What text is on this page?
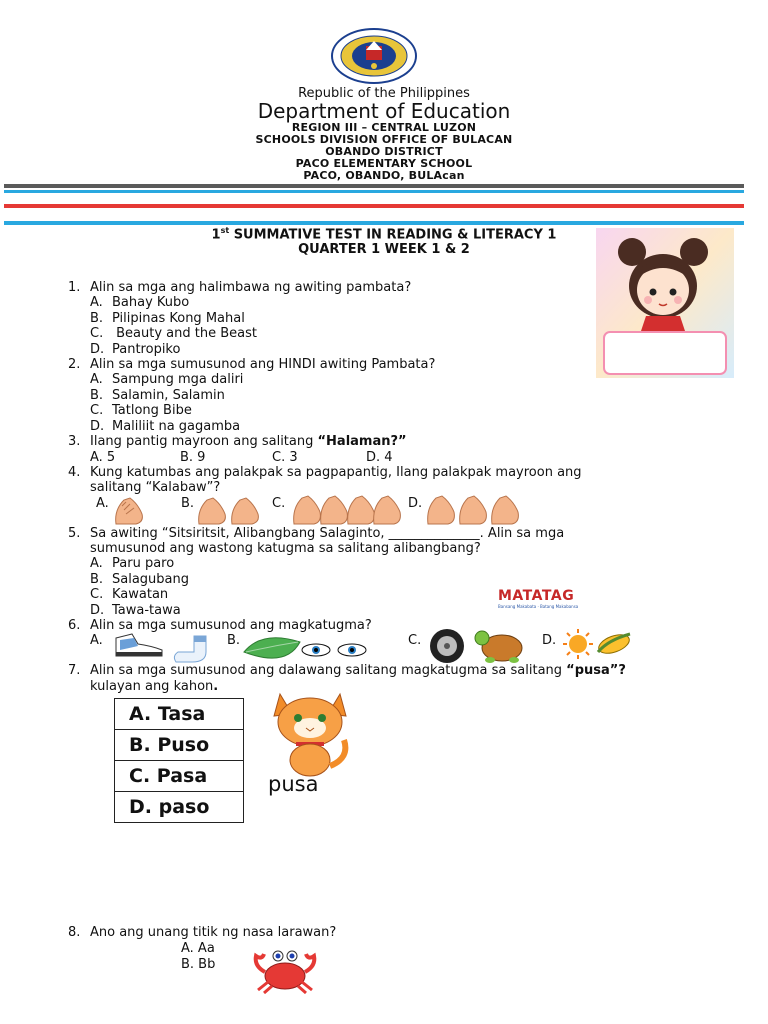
Republic of the Philippines
Department of Education
REGION III – CENTRAL LUZON
SCHOOLS DIVISION OFFICE OF BULACAN
OBANDO DISTRICT
PACO ELEMENTARY SCHOOL
PACO, OBANDO, BULAcan
1st SUMMATIVE TEST IN READING & LITERACY 1
QUARTER 1 WEEK 1 & 2
1. Alin sa mga ang halimbawa ng awiting pambata?
A. Bahay Kubo
B. Pilipinas Kong Mahal
C. Beauty and the Beast
D. Pantropiko
2. Alin sa mga sumusunod ang HINDI awiting Pambata?
A. Sampung mga daliri
B. Salamin, Salamin
C. Tatlong Bibe
D. Maliliit na gagamba
3. Ilang pantig mayroon ang salitang “Halaman?”
A. 5	B. 9	C. 3	D. 4
4. Kung katumbas ang palakpak sa pagpapantig, Ilang palakpak mayroon ang
salitang “Kalabaw”?
A.	B.	C.	D.
5. Sa awiting “Sitsiritsit, Alibangbang Salaginto, ______________. Alin sa mga
sumusunod ang wastong katugma sa salitang alibangbang?
A. Paru paro
B. Salagubang
C. Kawatan
D. Tawa-tawa
MATATAG
Bansang Makabata · Batang Makabansa
6. Alin sa mga sumusunod ang magkatugma?
A.	B.	C.	D.
7. Alin sa mga sumusunod ang dalawang salitang magkatugma sa salitang “pusa”?
kulayan ang kahon.
A. Tasa
B. Puso
C. Pasa
D. paso
pusa
8. Ano ang unang titik ng nasa larawan?
A. Aa
B. Bb
